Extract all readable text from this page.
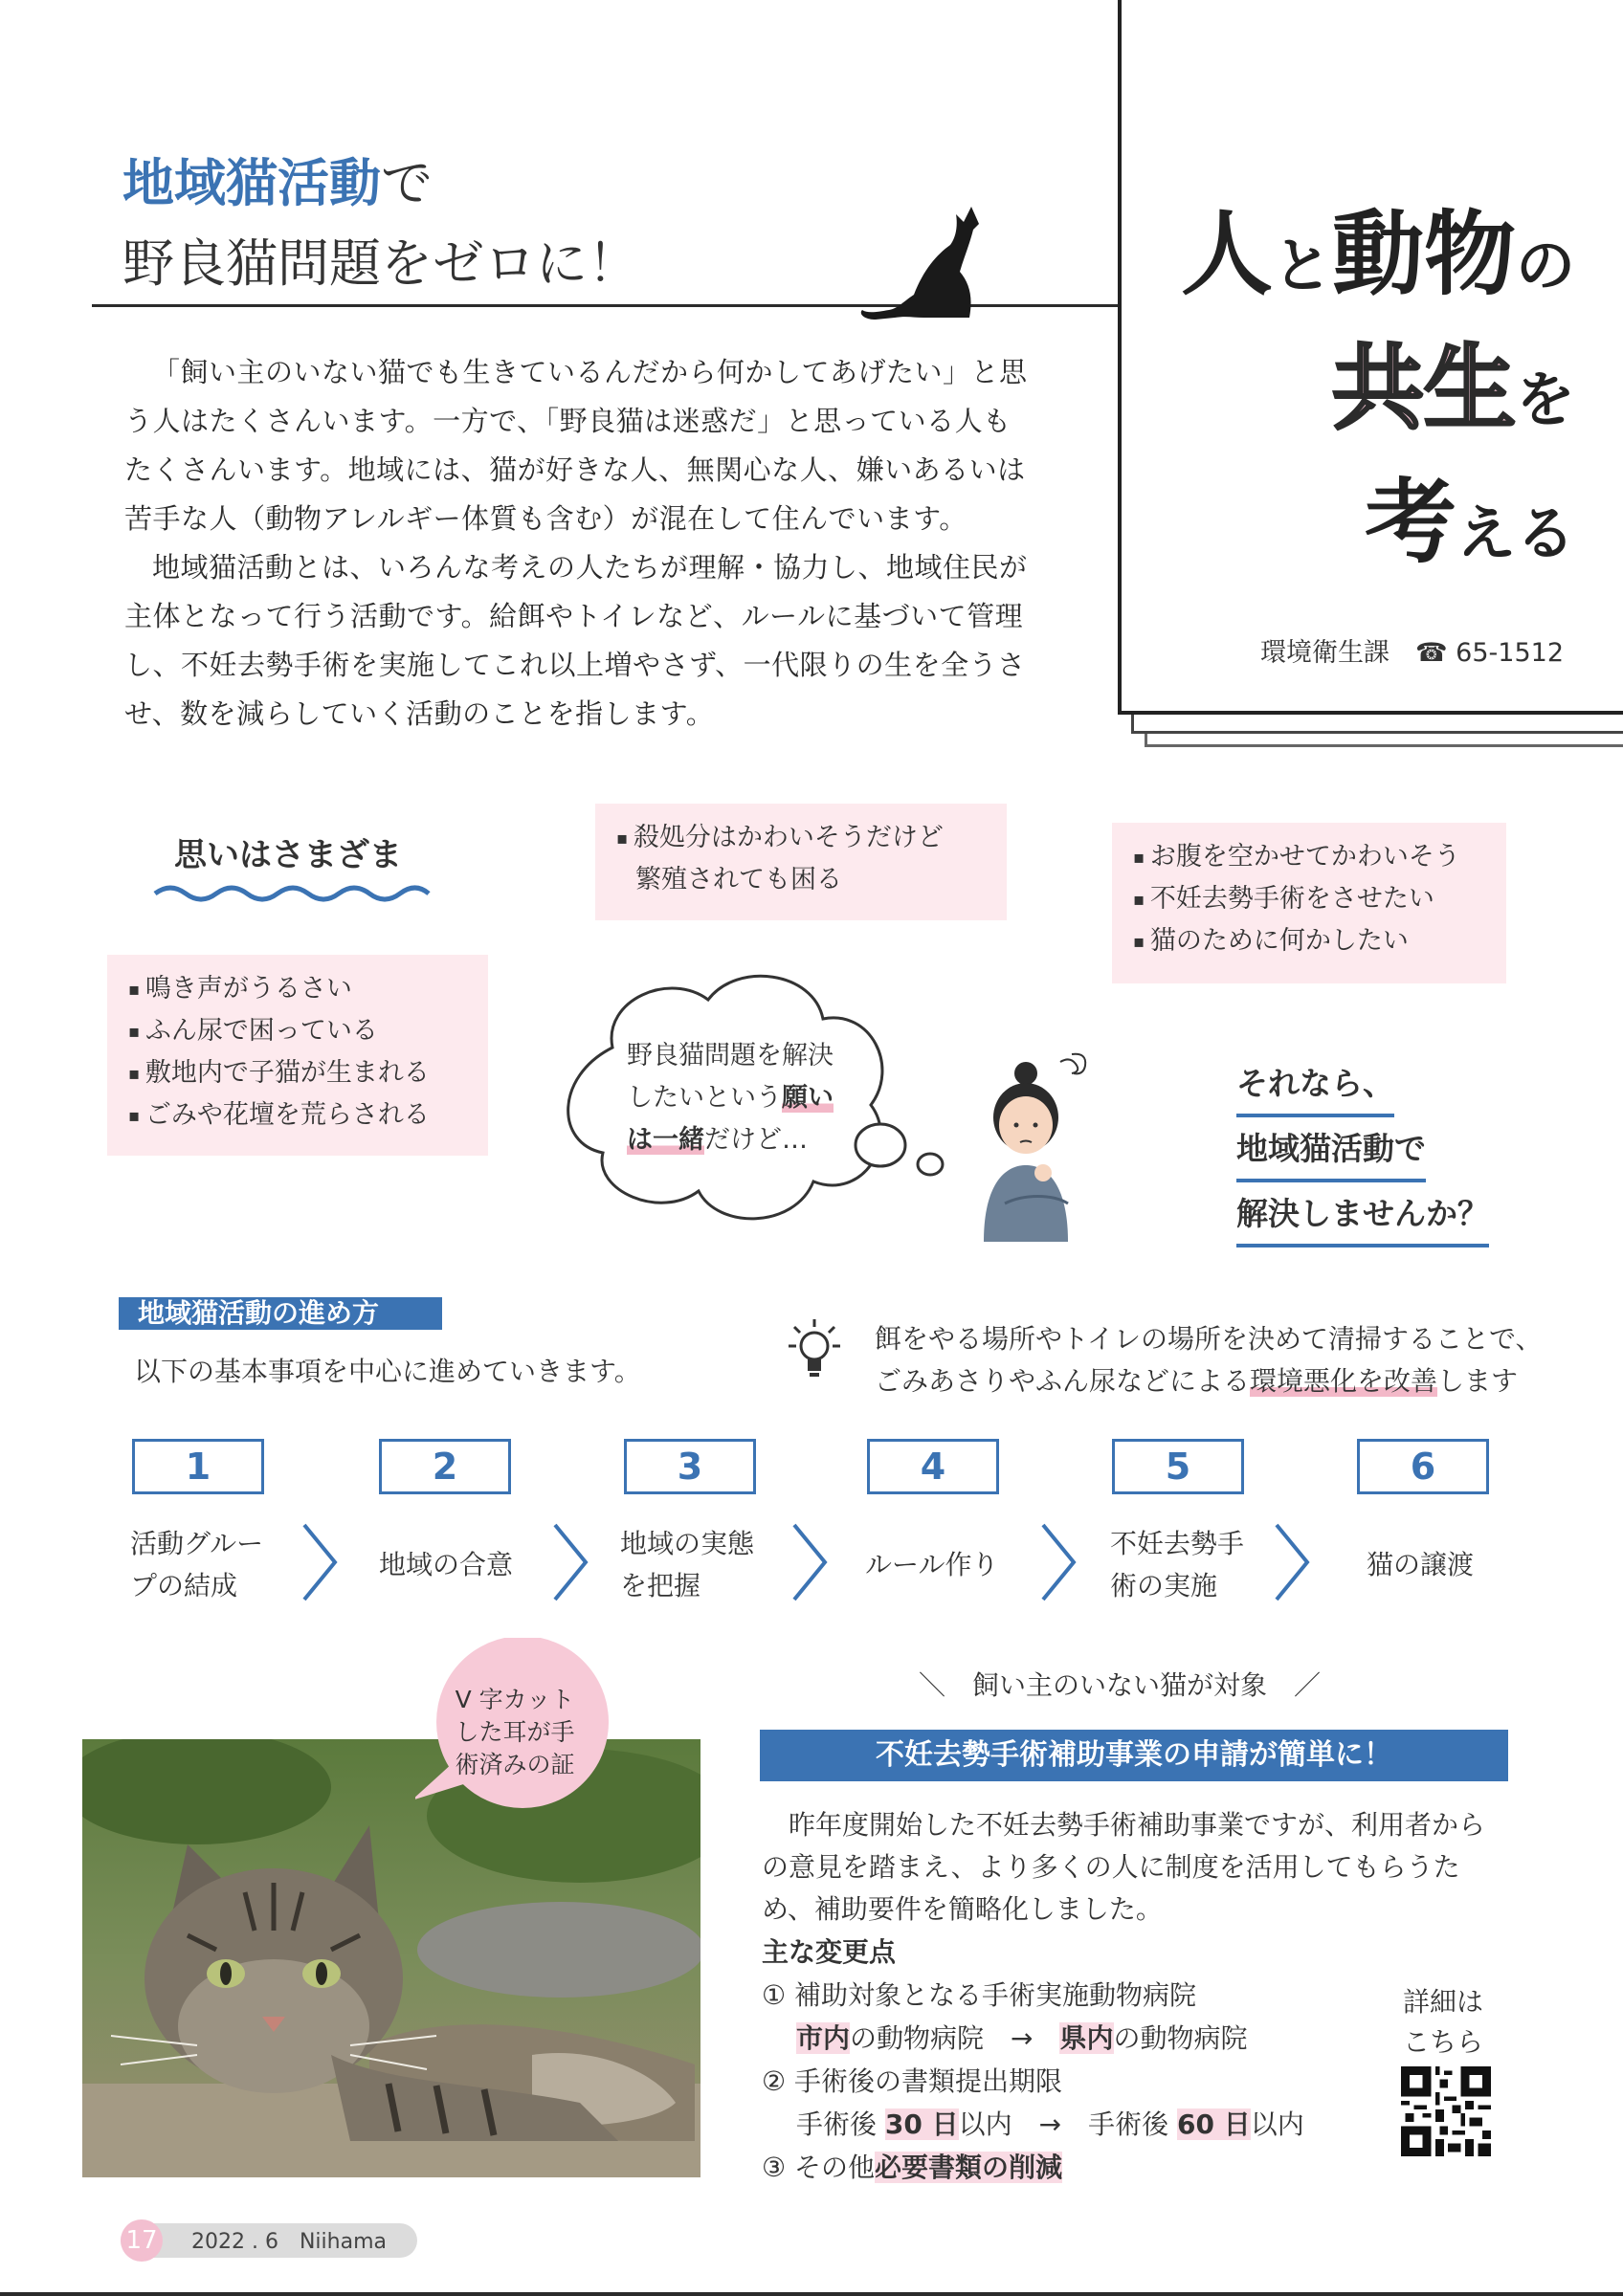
地域猫活動で
野良猫問題をゼロに！	人と動物の
共生を
考える
環境衛生課  ☎ 65-1512

「飼い主のいない猫でも生きているんだから何かしてあげたい」と思う人はたくさんいます。一方で、「野良猫は迷惑だ」と思っている人もたくさんいます。地域には、猫が好きな人、無関心な人、嫌いあるいは苦手な人（動物アレルギー体質も含む）が混在して住んでいます。

地域猫活動とは、いろんな考えの人たちが理解・協力し、地域住民が主体となって行う活動です。給餌やトイレなど、ルールに基づいて管理し、不妊去勢手術を実施してこれ以上増やさず、一代限りの生を全うさせ、数を減らしていく活動のことを指します。

思いはさまざま
▪	殺処分はかわいそうだけど
繁殖されても困る
▪ お腹を空かせてかわいそう
▪ 不妊去勢手術をさせたい
▪ 猫のために何かしたい
▪ 鳴き声がうるさい
▪ ふん尿で困っている
▪ 敷地内で子猫が生まれる
▪ ごみや花壇を荒らされる
野良猫問題を解決
したいという願い
は一緒だけど…
それなら、
地域猫活動で
解決しませんか？
地域猫活動の進め方
以下の基本事項を中心に進めていきます。
餌をやる場所やトイレの場所を決めて清掃することで、
ごみあさりやふん尿などによる環境悪化を改善します
1
活動グルー
プの結成
2
地域の合意
3
地域の実態
を把握
4
ルール作り
5
不妊去勢手
術の実施
6
猫の譲渡
V 字カット
した耳が手
術済みの証
＼　飼い主のいない猫が対象　／
不妊去勢手術補助事業の申請が簡単に！
昨年度開始した不妊去勢手術補助事業ですが、利用者からの意見を踏まえ、より多くの人に制度を活用してもらうため、補助要件を簡略化しました。
主な変更点
① 補助対象となる手術実施動物病院
市内の動物病院　→　県内の動物病院
② 手術後の書類提出期限
手術後 30 日以内　→　手術後 60 日以内
③ その他必要書類の削減
詳細は
こちら
17 2022 . 6　Niihama
